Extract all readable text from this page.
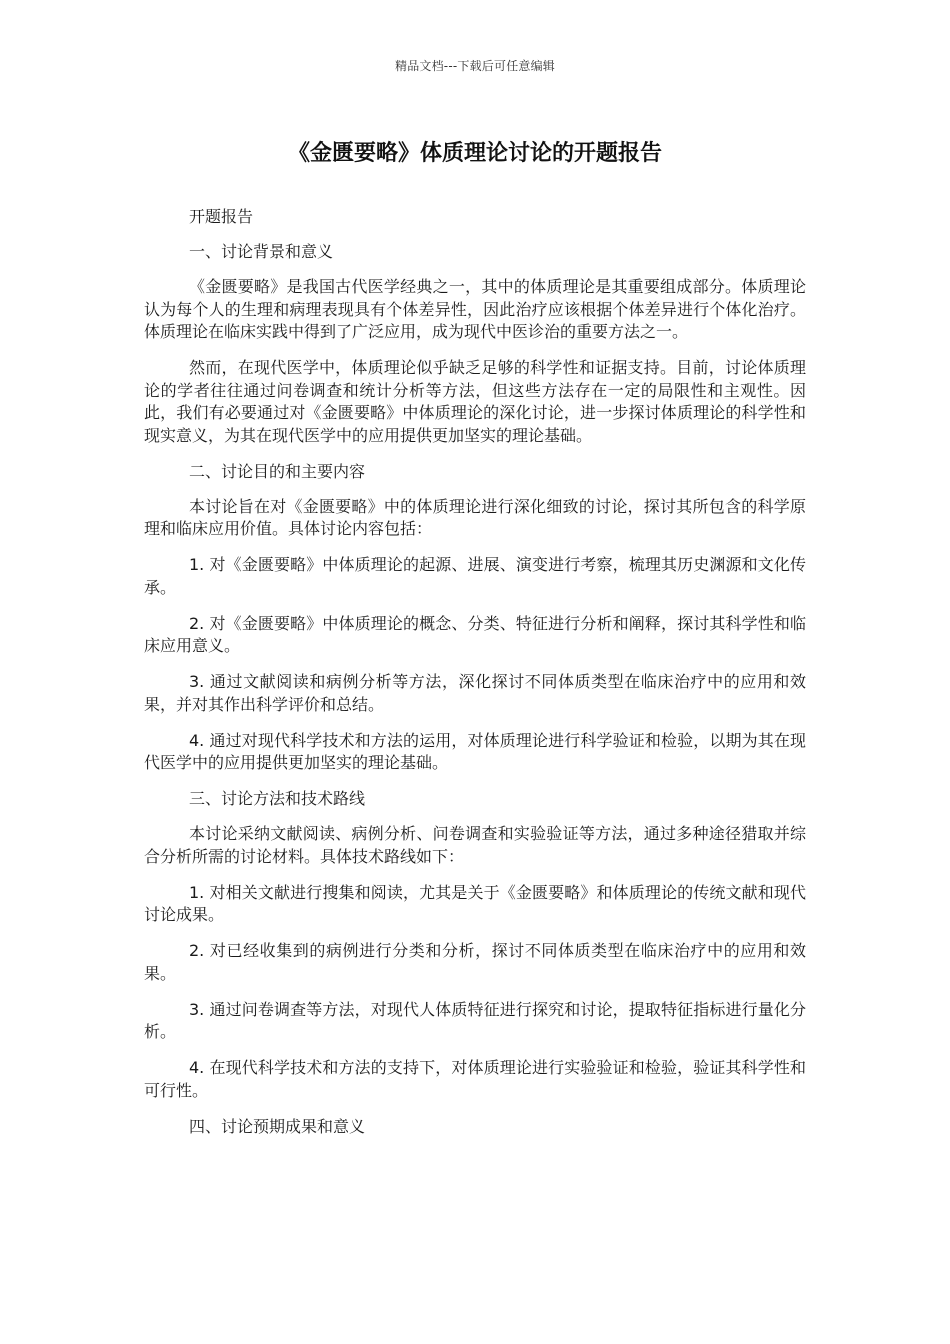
精品文档---下载后可任意编辑
《金匮要略》体质理论讨论的开题报告

开题报告

一、讨论背景和意义

《金匮要略》是我国古代医学经典之一，其中的体质理论是其重要组成部分。体质理论认为每个人的生理和病理表现具有个体差异性，因此治疗应该根据个体差异进行个体化治疗。体质理论在临床实践中得到了广泛应用，成为现代中医诊治的重要方法之一。

然而，在现代医学中，体质理论似乎缺乏足够的科学性和证据支持。目前，讨论体质理论的学者往往通过问卷调查和统计分析等方法，但这些方法存在一定的局限性和主观性。因此，我们有必要通过对《金匮要略》中体质理论的深化讨论，进一步探讨体质理论的科学性和现实意义，为其在现代医学中的应用提供更加坚实的理论基础。

二、讨论目的和主要内容

本讨论旨在对《金匮要略》中的体质理论进行深化细致的讨论，探讨其所包含的科学原理和临床应用价值。具体讨论内容包括：

1. 对《金匮要略》中体质理论的起源、进展、演变进行考察，梳理其历史渊源和文化传承。

2. 对《金匮要略》中体质理论的概念、分类、特征进行分析和阐释，探讨其科学性和临床应用意义。

3. 通过文献阅读和病例分析等方法，深化探讨不同体质类型在临床治疗中的应用和效果，并对其作出科学评价和总结。

4. 通过对现代科学技术和方法的运用，对体质理论进行科学验证和检验，以期为其在现代医学中的应用提供更加坚实的理论基础。

三、讨论方法和技术路线

本讨论采纳文献阅读、病例分析、问卷调查和实验验证等方法，通过多种途径猎取并综合分析所需的讨论材料。具体技术路线如下：

1. 对相关文献进行搜集和阅读，尤其是关于《金匮要略》和体质理论的传统文献和现代讨论成果。

2. 对已经收集到的病例进行分类和分析，探讨不同体质类型在临床治疗中的应用和效果。

3. 通过问卷调查等方法，对现代人体质特征进行探究和讨论，提取特征指标进行量化分析。

4. 在现代科学技术和方法的支持下，对体质理论进行实验验证和检验，验证其科学性和可行性。

四、讨论预期成果和意义
